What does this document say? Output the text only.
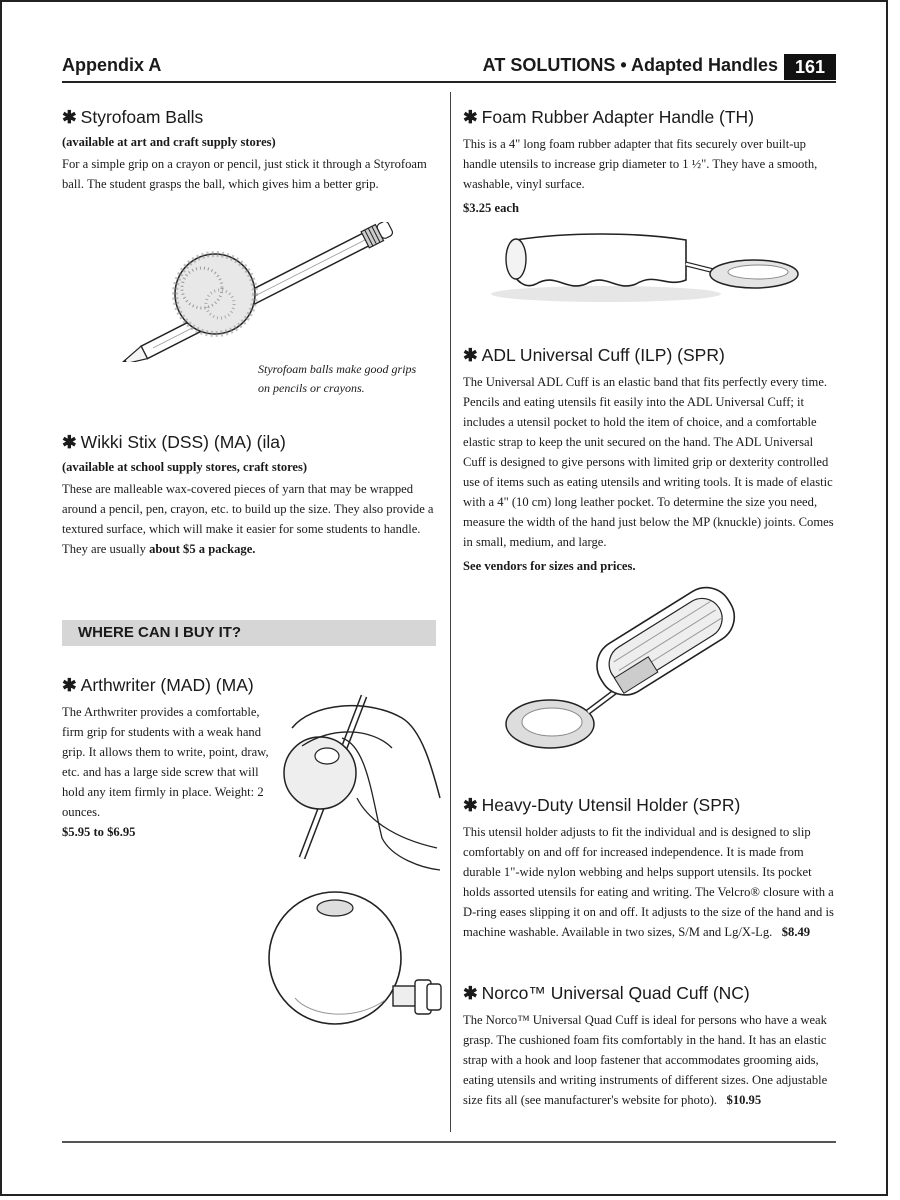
Appendix A	AT SOLUTIONS • Adapted Handles 161
✱ Styrofoam Balls
(available at art and craft supply stores)

For a simple grip on a crayon or pencil, just stick it through a Styrofoam ball. The student grasps the ball, which gives him a better grip.

Styrofoam balls make good grips on pencils or crayons.
✱ Wikki Stix (DSS) (MA) (ila)
(available at school supply stores, craft stores)

These are malleable wax-covered pieces of yarn that may be wrapped around a pencil, pen, crayon, etc. to build up the size. They also provide a textured surface, which will make it easier for some students to handle. They are usually about $5 a package.

WHERE CAN I BUY IT?
✱ Arthwriter (MAD) (MA)

The Arthwriter provides a comfortable, firm grip for students with a weak hand grip. It allows them to write, point, draw, etc. and has a large side screw that will hold any item firmly in place. Weight: 2 ounces.

$5.95 to $6.95
✱ Foam Rubber Adapter Handle (TH)

This is a 4" long foam rubber adapter that fits securely over built-up handle utensils to increase grip diameter to 1 ½". They have a smooth, washable, vinyl surface.

$3.25 each
✱ ADL Universal Cuff (ILP) (SPR)

The Universal ADL Cuff is an elastic band that fits perfectly every time. Pencils and eating utensils fit easily into the ADL Universal Cuff; it includes a utensil pocket to hold the item of choice, and a comfortable elastic strap to keep the unit secured on the hand. The ADL Universal Cuff is designed to give persons with limited grip or dexterity controlled use of items such as eating utensils and writing tools. It is made of elastic with a 4" (10 cm) long leather pocket. To determine the size you need, measure the width of the hand just below the MP (knuckle) joints. Comes in small, medium, and large.

See vendors for sizes and prices.
✱ Heavy-Duty Utensil Holder (SPR)

This utensil holder adjusts to fit the individual and is designed to slip comfortably on and off for increased independence. It is made from durable 1"-wide nylon webbing and helps support utensils. Its pocket holds assorted utensils for eating and writing. The Velcro® closure with a D-ring eases slipping it on and off. It adjusts to the size of the hand and is machine washable. Available in two sizes, S/M and Lg/X-Lg. $8.49

✱ Norco™ Universal Quad Cuff (NC)

The Norco™ Universal Quad Cuff is ideal for persons who have a weak grasp. The cushioned foam fits comfortably in the hand. It has an elastic strap with a hook and loop fastener that accommodates grooming aids, eating utensils and writing instruments of different sizes. One adjustable size fits all (see manufacturer's website for photo). $10.95
